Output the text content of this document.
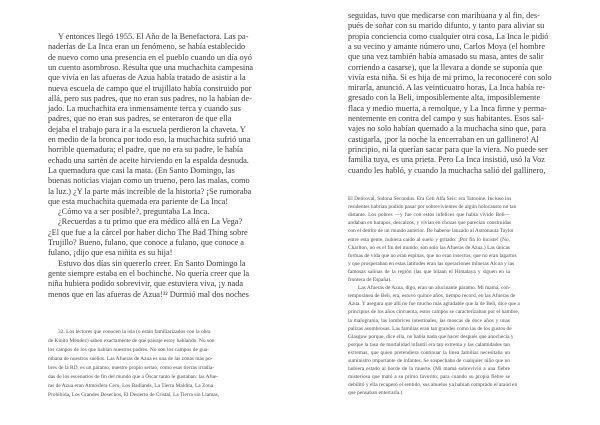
Y entonces llegó 1955. El Año de la Benefactora. Las pa-
naderías de La Inca eran un fenómeno, se había establecido
de nuevo como una presencia en el pueblo cuando un día oyó
un cuento asombroso. Resulta que una muchachita campesina
que vivía en las afueras de Azua había tratado de asistir a la
nueva escuela de campo que el trujillato había construido por
allá, pero sus padres, que no eran sus padres, no la habían de-
jado. La muchachita era inmensamente terca y cuando sus
padres, que no eran sus padres, se enteraron de que ella
dejaba el trabajo para ir a la escuela perdieron la chaveta. Y
en medio de la bronca por todo eso, la muchachita sufrió una
horrible quemadura; el padre, que no era su padre, le había
echado una sartén de aceite hirviendo en la espalda desnuda.
La quemadura que casi la mata. (En Santo Domingo, las
buenas noticias viajan como un trueno, pero las malas, como
la luz.) ¿Y la parte más increíble de la historia? ¡Se rumoraba
que esta muchachita quemada era pariente de La Inca!
¿Cómo va a ser posible?, preguntaba La Inca.
¿Recuerdas a tu primo que era médico allá en La Vega?
¿El que fue a la cárcel por haber dicho The Bad Thing sobre
Trujillo? Bueno, fulano, que conoce a fulano, que conoce a
fulano, ¡dijo que esa niñita es su hija!
Estuvo dos días sin quererlo creer. En Santo Domingo la
gente siempre estaba en el bochinche. No quería creer que la
niña hubiera podido sobrevivir, que estuviera viva, ¡y nada
menos que en las afueras de Azua!³² Durmió mal dos noches
32. Los lectores que conocen la isla (o están familiarizados con la obra
de Kinito Méndez) saben exactamente de qué paisaje estoy hablando. No son
los campos de los que hablan nuestros padres. No son los campos de gua-
mbana de nuestros sueños. Las Afueras de Azua es una de las zonas más po-
bres de la RD, es un páramo, nuestro propio sertao, como esas tierras irradia-
das de los escenarios de fin del mundo que a Óscar tanto le gustaban: las Afue-
ras de Azua eran Atmósfera Cero, Los Badlands, La Tierra Maldita, La Zona
Prohibida, Los Grandes Desechos, El Desierto de Cristal, La Tierra sin Llamas,
seguidas, tuvo que medicarse con marihuana y al fin, des-
pués de soñar con su marido difunto, y tanto para aliviar su
propia conciencia como cualquier otra cosa, La Inca le pidió
a su vecino y amante número uno, Carlos Moya (el hombre
que una vez también había amasado su masa, antes de salir
corriendo a casarse), que la llevara a donde se suponía que
vivía esta niña. Si es hija de mi primo, la reconoceré con solo
mirarla, anunció. A las veinticuatro horas, La Inca había re-
gresado con la Beli, imposiblemente alta, imposiblemente
flaca y medio muerta, a remolque, y La Inca firme y perma-
nentemente en contra del campo y sus habitantes. Esos sal-
vajes no solo habían quemado a la muchacha sino que, para
castigarla, ¡por la noche la encerraban en un gallinero! Al
principio, ni la querían sacar para que la viera. No puede ser
familia tuya, es una prieta. Pero La Inca insistió, usó la Voz
cuando les habló, y cuando la muchacha salió del gallinero,
El Deliroval, Sidona Secundus. Era Ceti Alfa Seis: era Tatooine. Incluso los
residentes habrían podido pasar por sobrevivientes de algún holocausto no tan
distante. Los pobres —y fue con estos infelices que había vivido Beli—
andaban en harapos, descalzos, y vivían en chozas que parecían construidas
con el detrito de un mundo anterior. De haberse lanzado al Astronauta Taylor
entre esta gente, hubiera caído al suelo y gritado: ¡Por fin lo hiciste! (No,
Charlton, no es el fin del mundo, son solo las Afueras de Azua.) Las únicas
formas de vida que no eran espinas, que no eran insectos, que no eran lagartos
y que prosperaban en estas latitudes eran las operaciones mineras Alcoa y las
famosas salinas de la región (las que bilaan el Himalaya y siguen en la
frontera de España).
Las Afueras de Azua, digo, eran un alucinante páramo. Mi mamá, con-
temporánea de Beli, era, estuvo quince años, tiempo récord, en las Afueras de
Azua. Y asegura que allí no fue mucho más agradable que la de Beli, dice que a
principios de los años cincuenta, estos campos se caracterizaban por el hambre,
la malogrania, las lombrices intestinales, las moscas de doce años y unas
palizas asombrosas. Las familias eran tan grandes como las de los gustos de
Glasgow porque, dice ella, no había nada que hacer después que anochecía y
porque la tasa de mortalidad infantil era tan extrema y las calamidades tan
extremas, que quien pretendiera continuar la línea familiar necesitaba un
suministro importante de infantes. Se sospechaba de cualquier niño que no
hubiera estado al borde de la muerte. (Mi mamá sobrevivió a una fiebre
misteriosa que mató a su primo favorito; para cuando su propia fiebre se
debilitó y ella recuperó el sentido, sus abuelos ya habían comprado el ataúd en
que pensaban enterrarla.)
